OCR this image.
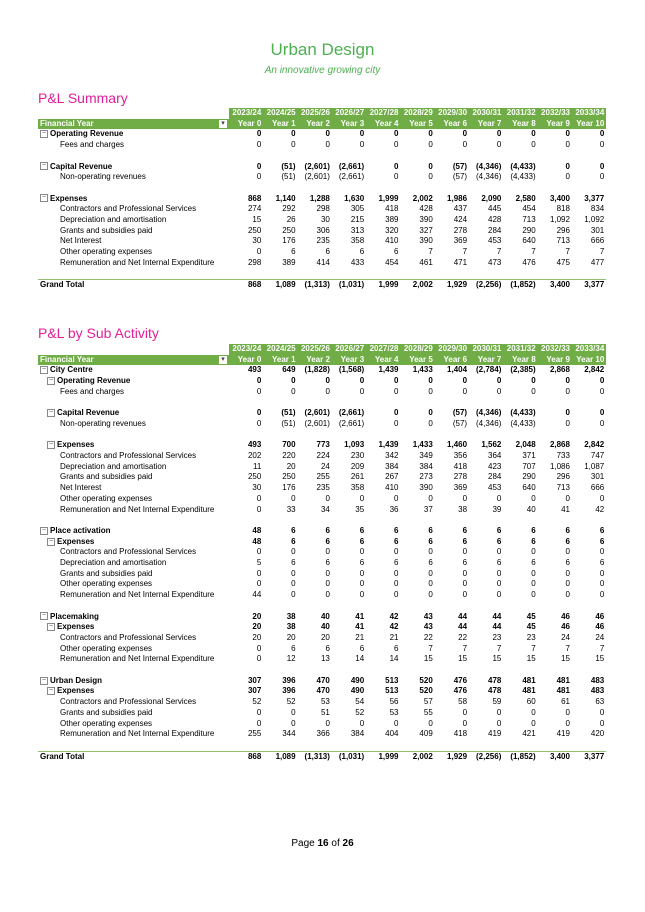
Urban Design
An innovative growing city
P&L Summary
	2023/24	2024/25	2025/26	2026/27	2027/28	2028/29	2029/30	2030/31	2031/32	2032/33	2033/34
Financial Year ▾	Year 0	Year 1	Year 2	Year 3	Year 4	Year 5	Year 6	Year 7	Year 8	Year 9	Year 10
− Operating Revenue	0	0	0	0	0	0	0	0	0	0	0
Fees and charges	0	0	0	0	0	0	0	0	0	0	0

− Capital Revenue	0	(51)	(2,601)	(2,661)	0	0	(57)	(4,346)	(4,433)	0	0
Non-operating revenues	0	(51)	(2,601)	(2,661)	0	0	(57)	(4,346)	(4,433)	0	0

− Expenses	868	1,140	1,288	1,630	1,999	2,002	1,986	2,090	2,580	3,400	3,377
Contractors and Professional Services	274	292	298	305	418	428	437	445	454	818	834
Depreciation and amortisation	15	26	30	215	389	390	424	428	713	1,092	1,092
Grants and subsidies paid	250	250	306	313	320	327	278	284	290	296	301
Net Interest	30	176	235	358	410	390	369	453	640	713	666
Other operating expenses	0	6	6	6	6	7	7	7	7	7	7
Remuneration and Net Internal Expenditure	298	389	414	433	454	461	471	473	476	475	477

Grand Total	868	1,089	(1,313)	(1,031)	1,999	2,002	1,929	(2,256)	(1,852)	3,400	3,377
P&L by Sub Activity
	2023/24	2024/25	2025/26	2026/27	2027/28	2028/29	2029/30	2030/31	2031/32	2032/33	2033/34
Financial Year ▾	Year 0	Year 1	Year 2	Year 3	Year 4	Year 5	Year 6	Year 7	Year 8	Year 9	Year 10
− City Centre	493	649	(1,828)	(1,568)	1,439	1,433	1,404	(2,784)	(2,385)	2,868	2,842
− Operating Revenue	0	0	0	0	0	0	0	0	0	0	0
Fees and charges	0	0	0	0	0	0	0	0	0	0	0

− Capital Revenue	0	(51)	(2,601)	(2,661)	0	0	(57)	(4,346)	(4,433)	0	0
Non-operating revenues	0	(51)	(2,601)	(2,661)	0	0	(57)	(4,346)	(4,433)	0	0

− Expenses	493	700	773	1,093	1,439	1,433	1,460	1,562	2,048	2,868	2,842
Contractors and Professional Services	202	220	224	230	342	349	356	364	371	733	747
Depreciation and amortisation	11	20	24	209	384	384	418	423	707	1,086	1,087
Grants and subsidies paid	250	250	255	261	267	273	278	284	290	296	301
Net Interest	30	176	235	358	410	390	369	453	640	713	666
Other operating expenses	0	0	0	0	0	0	0	0	0	0	0
Remuneration and Net Internal Expenditure	0	33	34	35	36	37	38	39	40	41	42

− Place activation	48	6	6	6	6	6	6	6	6	6	6
− Expenses	48	6	6	6	6	6	6	6	6	6	6
Contractors and Professional Services	0	0	0	0	0	0	0	0	0	0	0
Depreciation and amortisation	5	6	6	6	6	6	6	6	6	6	6
Grants and subsidies paid	0	0	0	0	0	0	0	0	0	0	0
Other operating expenses	0	0	0	0	0	0	0	0	0	0	0
Remuneration and Net Internal Expenditure	44	0	0	0	0	0	0	0	0	0	0

− Placemaking	20	38	40	41	42	43	44	44	45	46	46
− Expenses	20	38	40	41	42	43	44	44	45	46	46
Contractors and Professional Services	20	20	20	21	21	22	22	23	23	24	24
Other operating expenses	0	6	6	6	6	7	7	7	7	7	7
Remuneration and Net Internal Expenditure	0	12	13	14	14	15	15	15	15	15	15

− Urban Design	307	396	470	490	513	520	476	478	481	481	483
− Expenses	307	396	470	490	513	520	476	478	481	481	483
Contractors and Professional Services	52	52	53	54	56	57	58	59	60	61	63
Grants and subsidies paid	0	0	51	52	53	55	0	0	0	0	0
Other operating expenses	0	0	0	0	0	0	0	0	0	0	0
Remuneration and Net Internal Expenditure	255	344	366	384	404	409	418	419	421	419	420

Grand Total	868	1,089	(1,313)	(1,031)	1,999	2,002	1,929	(2,256)	(1,852)	3,400	3,377
Page 16 of 26
